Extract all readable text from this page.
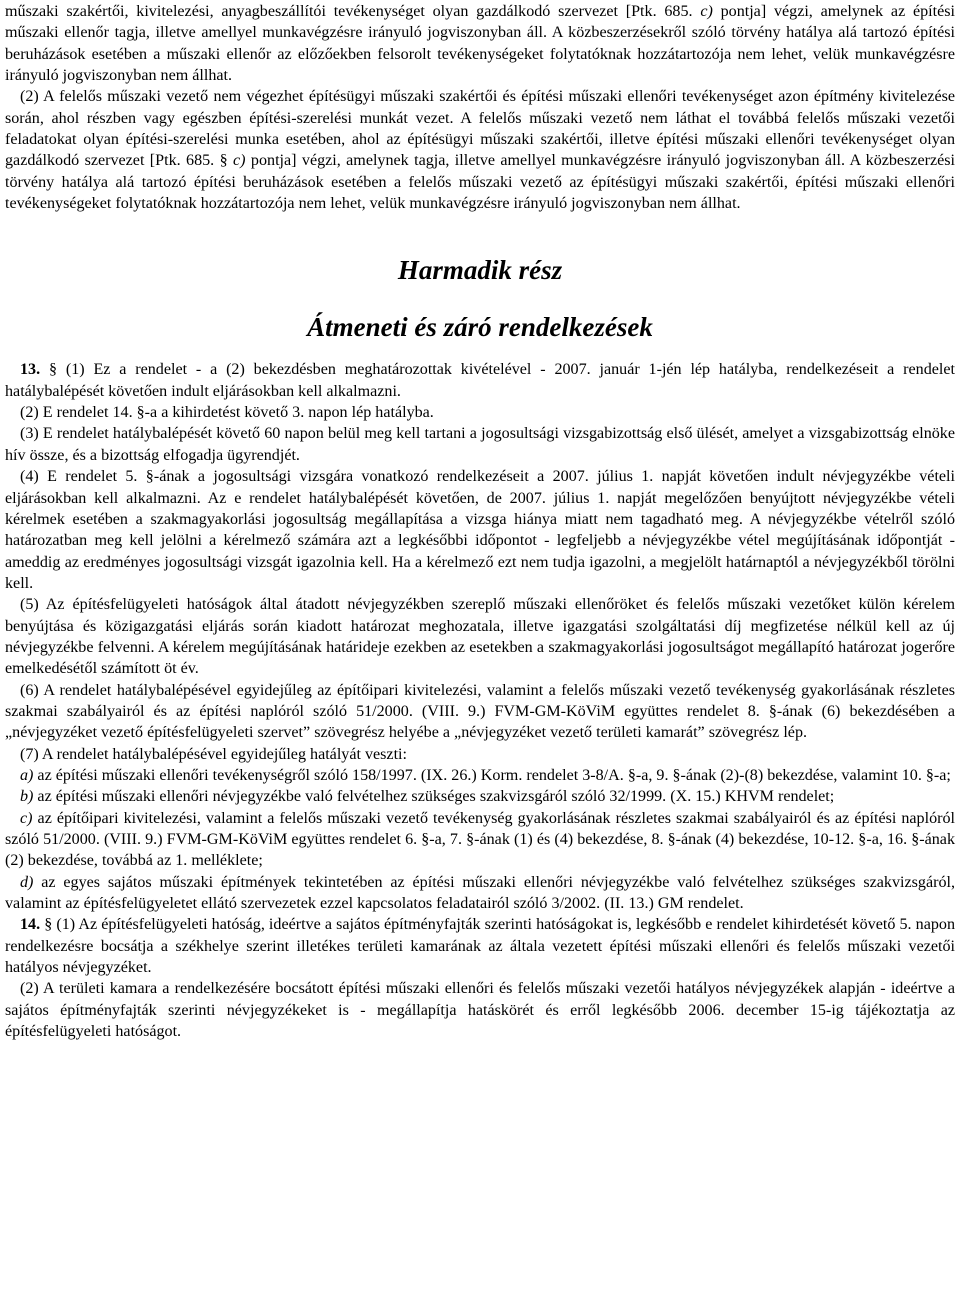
műszaki szakértői, kivitelezési, anyagbeszállítói tevékenységet olyan gazdálkodó szervezet [Ptk. 685. c) pontja] végzi, amelynek az építési műszaki ellenőr tagja, illetve amellyel munkavégzésre irányuló jogviszonyban áll. A közbeszerzésekről szóló törvény hatálya alá tartozó építési beruházások esetében a műszaki ellenőr az előzőekben felsorolt tevékenységeket folytatóknak hozzátartozója nem lehet, velük munkavégzésre irányuló jogviszonyban nem állhat.

(2) A felelős műszaki vezető nem végezhet építésügyi műszaki szakértői és építési műszaki ellenőri tevékenységet azon építmény kivitelezése során, ahol részben vagy egészben építési-szerelési munkát vezet. A felelős műszaki vezető nem láthat el továbbá felelős műszaki vezetői feladatokat olyan építési-szerelési munka esetében, ahol az építésügyi műszaki szakértői, illetve építési műszaki ellenőri tevékenységet olyan gazdálkodó szervezet [Ptk. 685. § c) pontja] végzi, amelynek tagja, illetve amellyel munkavégzésre irányuló jogviszonyban áll. A közbeszerzési törvény hatálya alá tartozó építési beruházások esetében a felelős műszaki vezető az építésügyi műszaki szakértői, építési műszaki ellenőri tevékenységeket folytatóknak hozzátartozója nem lehet, velük munkavégzésre irányuló jogviszonyban nem állhat.

Harmadik rész
Átmeneti és záró rendelkezések

13. § (1) Ez a rendelet - a (2) bekezdésben meghatározottak kivételével - 2007. január 1-jén lép hatályba, rendelkezéseit a rendelet hatálybalépését követően indult eljárásokban kell alkalmazni.

(2) E rendelet 14. §-a a kihirdetést követő 3. napon lép hatályba.

(3) E rendelet hatálybalépését követő 60 napon belül meg kell tartani a jogosultsági vizsgabizottság első ülését, amelyet a vizsgabizottság elnöke hív össze, és a bizottság elfogadja ügyrendjét.

(4) E rendelet 5. §-ának a jogosultsági vizsgára vonatkozó rendelkezéseit a 2007. július 1. napját követően indult névjegyzékbe vételi eljárásokban kell alkalmazni. Az e rendelet hatálybalépését követően, de 2007. július 1. napját megelőzően benyújtott névjegyzékbe vételi kérelmek esetében a szakmagyakorlási jogosultság megállapítása a vizsga hiánya miatt nem tagadható meg. A névjegyzékbe vételről szóló határozatban meg kell jelölni a kérelmező számára azt a legkésőbbi időpontot - legfeljebb a névjegyzékbe vétel megújításának időpontját - ameddig az eredményes jogosultsági vizsgát igazolnia kell. Ha a kérelmező ezt nem tudja igazolni, a megjelölt határnaptól a névjegyzékből törölni kell.

(5) Az építésfelügyeleti hatóságok által átadott névjegyzékben szereplő műszaki ellenőröket és felelős műszaki vezetőket külön kérelem benyújtása és közigazgatási eljárás során kiadott határozat meghozatala, illetve igazgatási szolgáltatási díj megfizetése nélkül kell az új névjegyzékbe felvenni. A kérelem megújításának határideje ezekben az esetekben a szakmagyakorlási jogosultságot megállapító határozat jogerőre emelkedésétől számított öt év.

(6) A rendelet hatálybalépésével egyidejűleg az építőipari kivitelezési, valamint a felelős műszaki vezető tevékenység gyakorlásának részletes szakmai szabályairól és az építési naplóról szóló 51/2000. (VIII. 9.) FVM-GM-KöViM együttes rendelet 8. §-ának (6) bekezdésében a „névjegyzéket vezető építésfelügyeleti szervet” szövegrész helyébe a „névjegyzéket vezető területi kamarát” szövegrész lép.

(7) A rendelet hatálybalépésével egyidejűleg hatályát veszti:

a) az építési műszaki ellenőri tevékenységről szóló 158/1997. (IX. 26.) Korm. rendelet 3-8/A. §-a, 9. §-ának (2)-(8) bekezdése, valamint 10. §-a;

b) az építési műszaki ellenőri névjegyzékbe való felvételhez szükséges szakvizsgáról szóló 32/1999. (X. 15.) KHVM rendelet;

c) az építőipari kivitelezési, valamint a felelős műszaki vezető tevékenység gyakorlásának részletes szakmai szabályairól és az építési naplóról szóló 51/2000. (VIII. 9.) FVM-GM-KöViM együttes rendelet 6. §-a, 7. §-ának (1) és (4) bekezdése, 8. §-ának (4) bekezdése, 10-12. §-a, 16. §-ának (2) bekezdése, továbbá az 1. melléklete;

d) az egyes sajátos műszaki építmények tekintetében az építési műszaki ellenőri névjegyzékbe való felvételhez szükséges szakvizsgáról, valamint az építésfelügyeletet ellátó szervezetek ezzel kapcsolatos feladatairól szóló 3/2002. (II. 13.) GM rendelet.

14. § (1) Az építésfelügyeleti hatóság, ideértve a sajátos építményfajták szerinti hatóságokat is, legkésőbb e rendelet kihirdetését követő 5. napon rendelkezésre bocsátja a székhelye szerint illetékes területi kamarának az általa vezetett építési műszaki ellenőri és felelős műszaki vezetői hatályos névjegyzéket.

(2) A területi kamara a rendelkezésére bocsátott építési műszaki ellenőri és felelős műszaki vezetői hatályos névjegyzékek alapján - ideértve a sajátos építményfajták szerinti névjegyzékeket is - megállapítja hatáskörét és erről legkésőbb 2006. december 15-ig tájékoztatja az építésfelügyeleti hatóságot.
